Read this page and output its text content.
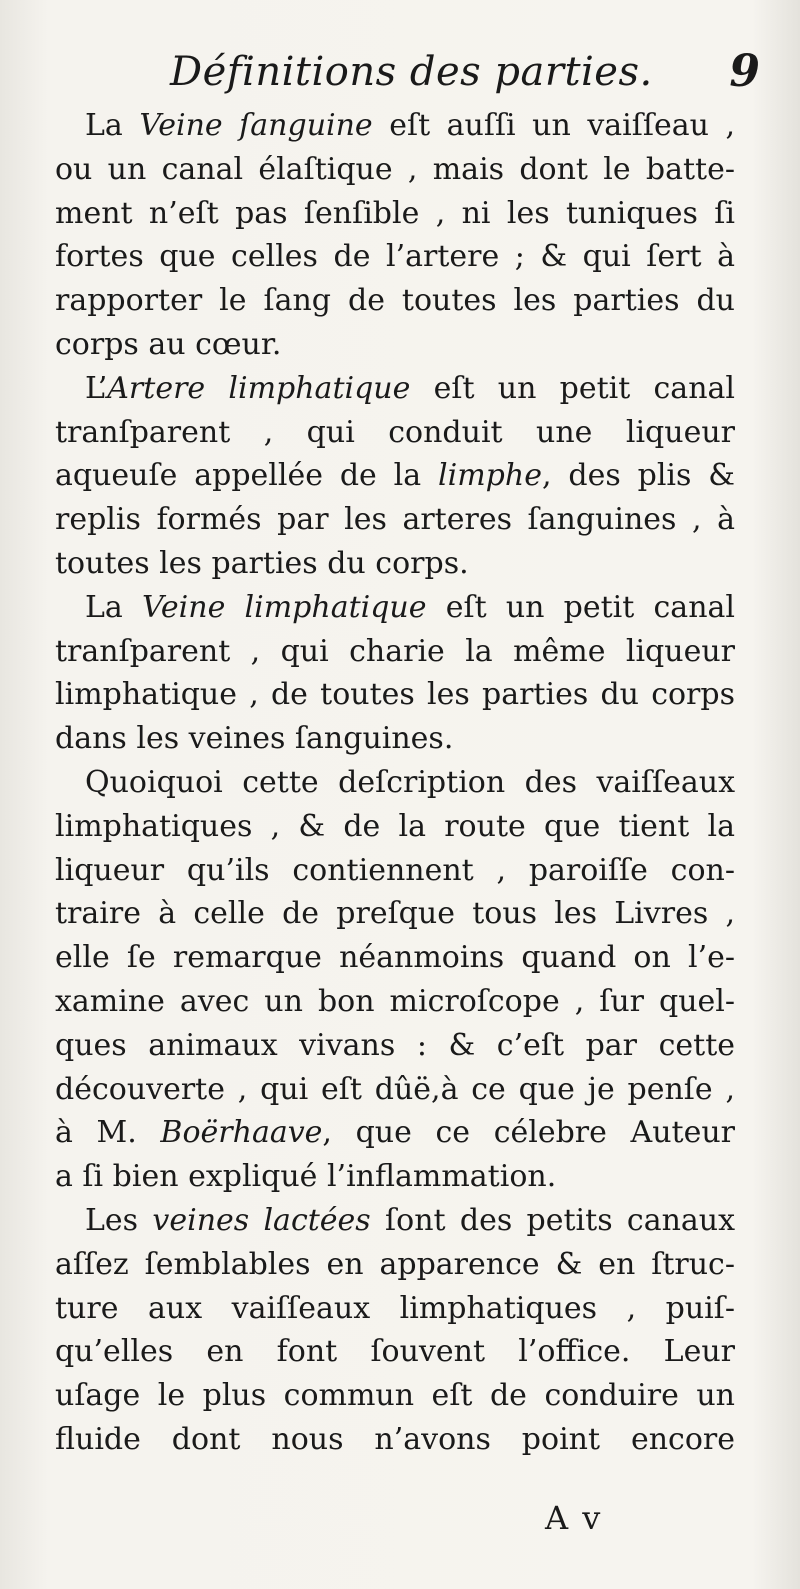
Définitions des parties. 9
La Veine ſanguine eſt auſſi un vaiſſeau ,
ou un canal élaſtique , mais dont le batte-
ment n’eſt pas ſenſible , ni les tuniques ſi
fortes que celles de l’artere ; & qui ſert à
rapporter le ſang de toutes les parties du
corps au cœur.
L’Artere limphatique eſt un petit canal
tranſparent , qui conduit une liqueur
aqueuſe appellée de la limphe, des plis &
replis formés par les arteres ſanguines , à
toutes les parties du corps.
La Veine limphatique eſt un petit canal
tranſparent , qui charie la même liqueur
limphatique , de toutes les parties du corps
dans les veines ſanguines.
Quoiquoi cette deſcription des vaiſſeaux
limphatiques , & de la route que tient la
liqueur qu’ils contiennent , paroiſſe con-
traire à celle de preſque tous les Livres ,
elle ſe remarque néanmoins quand on l’e-
xamine avec un bon microſcope , ſur quel-
ques animaux vivans : & c’eſt par cette
découverte , qui eſt dûë,à ce que je penſe ,
à M. Boërhaave, que ce célebre Auteur
a ſi bien expliqué l’inflammation.
Les veines lactées ſont des petits canaux
aſſez ſemblables en apparence & en ſtruc-
ture aux vaiſſeaux limphatiques , puiſ-
qu’elles en font ſouvent l’office. Leur
uſage le plus commun eſt de conduire un
fluide dont nous n’avons point encore
A v
